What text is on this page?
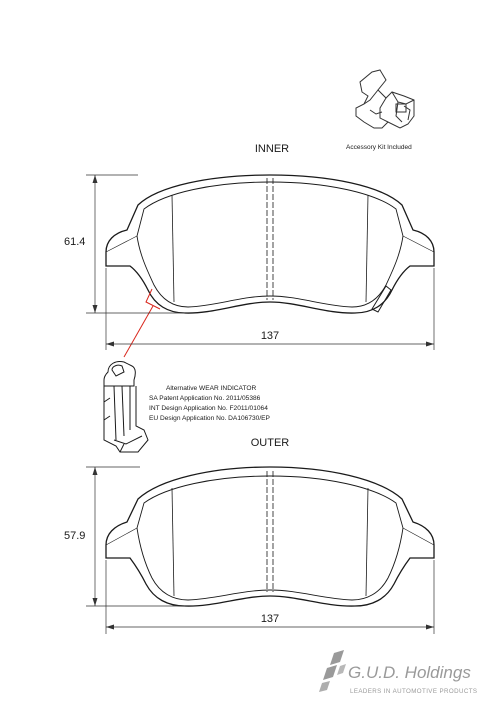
Accessory Kit Included
INNER
61.4
137
Alternative WEAR INDICATOR
SA Patent Application No. 2011/05386
INT Design Application No. F2011/01064
EU Design Application No. DA106730/EP
OUTER
57.9
137
G.U.D. Holdings
LEADERS IN AUTOMOTIVE PRODUCTS
